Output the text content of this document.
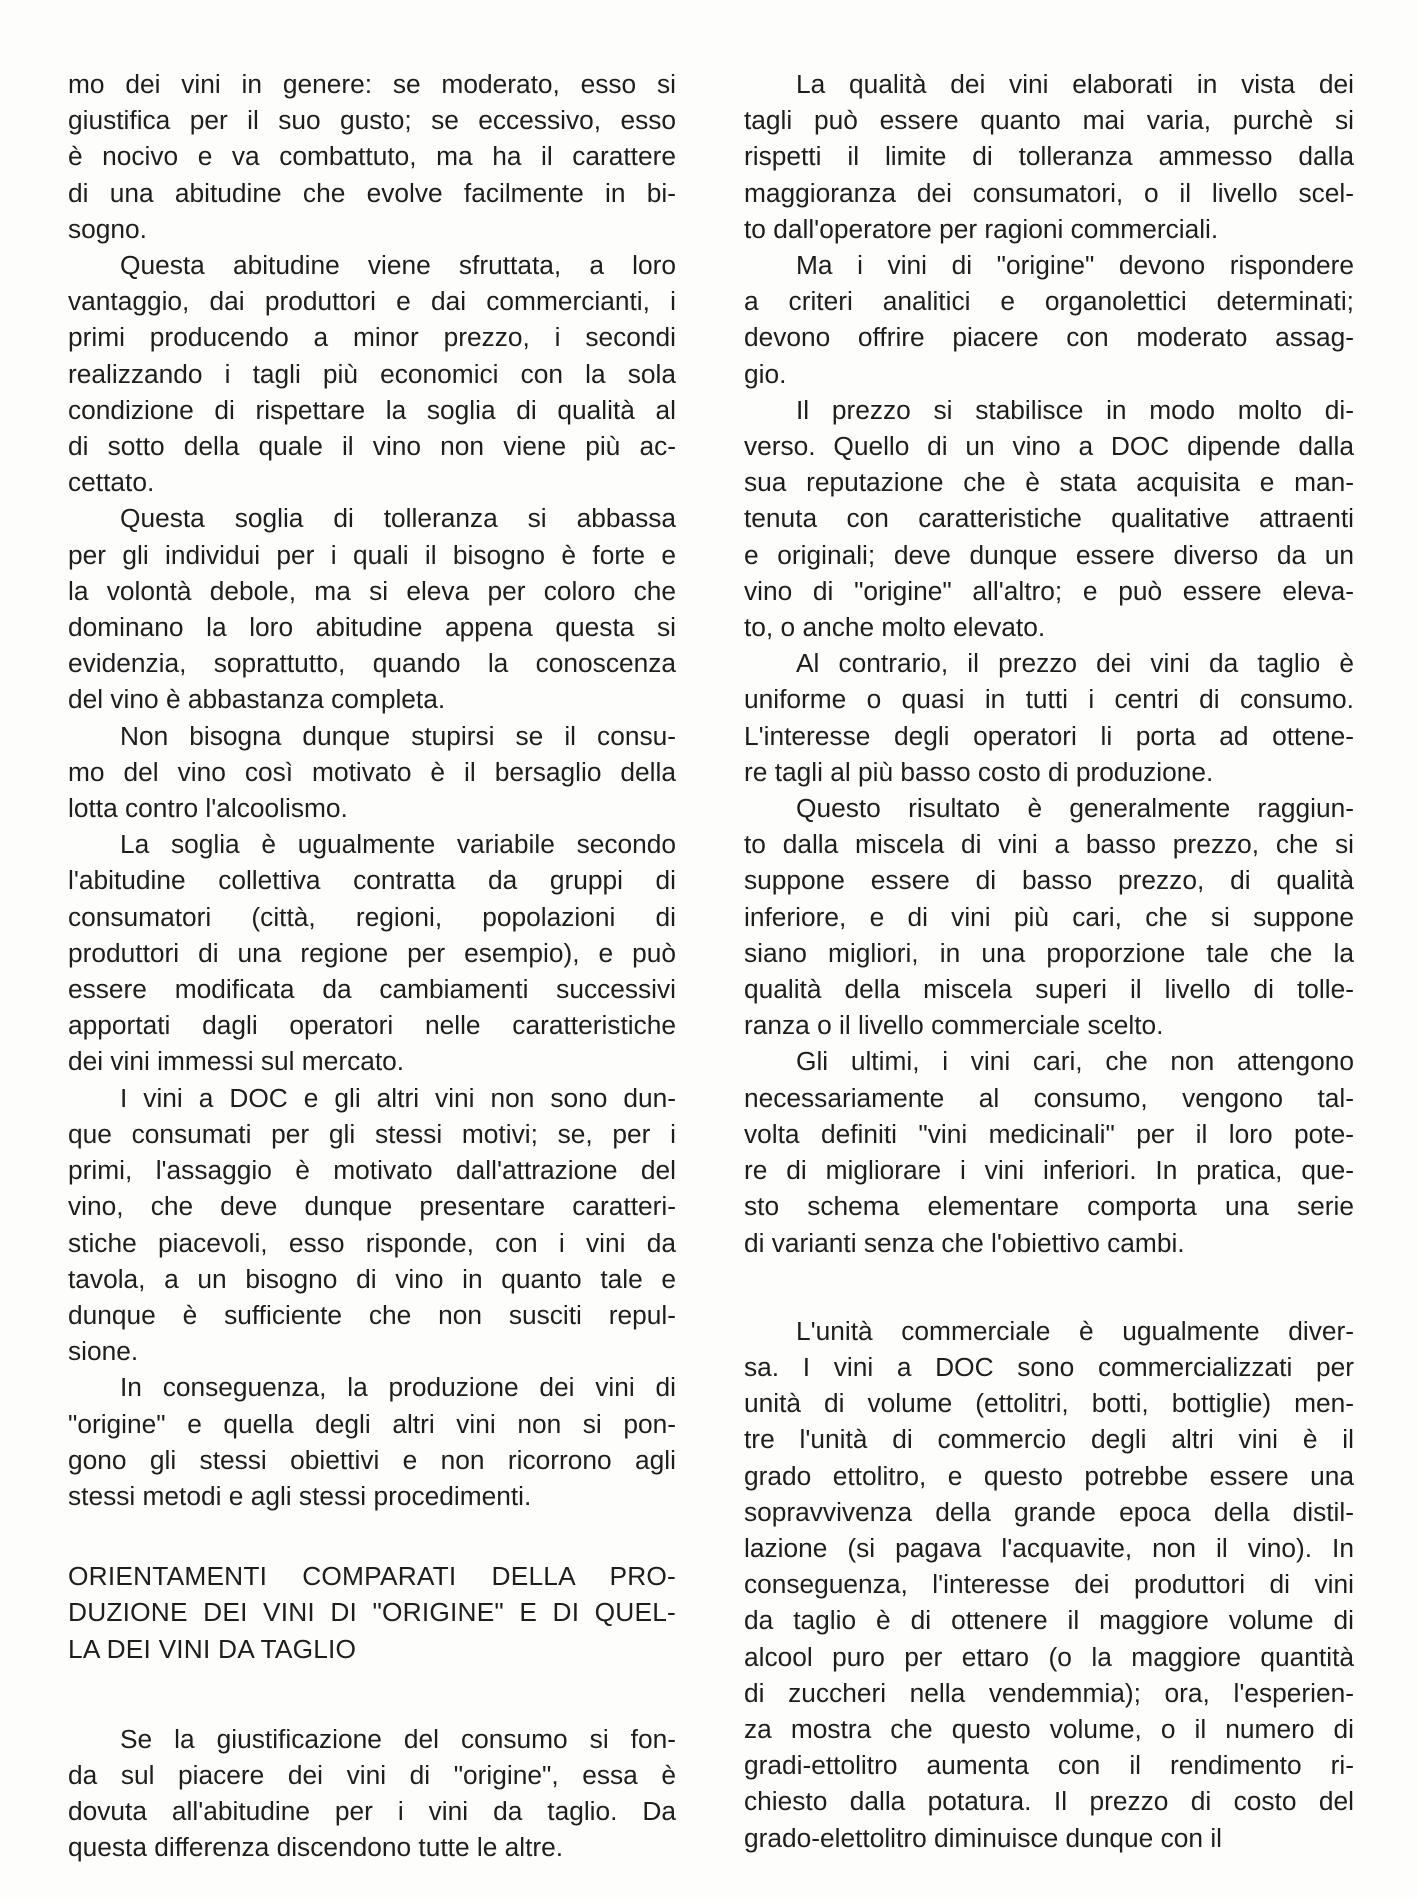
mo dei vini in genere: se moderato, esso si
giustifica per il suo gusto; se eccessivo, esso
è nocivo e va combattuto, ma ha il carattere
di una abitudine che evolve facilmente in bi-
sogno.
Questa abitudine viene sfruttata, a loro
vantaggio, dai produttori e dai commercianti, i
primi producendo a minor prezzo, i secondi
realizzando i tagli più economici con la sola
condizione di rispettare la soglia di qualità al
di sotto della quale il vino non viene più ac-
cettato.
Questa soglia di tolleranza si abbassa
per gli individui per i quali il bisogno è forte e
la volontà debole, ma si eleva per coloro che
dominano la loro abitudine appena questa si
evidenzia, soprattutto, quando la conoscenza
del vino è abbastanza completa.
Non bisogna dunque stupirsi se il consu-
mo del vino così motivato è il bersaglio della
lotta contro l'alcoolismo.
La soglia è ugualmente variabile secondo
l'abitudine collettiva contratta da gruppi di
consumatori (città, regioni, popolazioni di
produttori di una regione per esempio), e può
essere modificata da cambiamenti successivi
apportati dagli operatori nelle caratteristiche
dei vini immessi sul mercato.
I vini a DOC e gli altri vini non sono dun-
que consumati per gli stessi motivi; se, per i
primi, l'assaggio è motivato dall'attrazione del
vino, che deve dunque presentare caratteri-
stiche piacevoli, esso risponde, con i vini da
tavola, a un bisogno di vino in quanto tale e
dunque è sufficiente che non susciti repul-
sione.
In conseguenza, la produzione dei vini di
"origine" e quella degli altri vini non si pon-
gono gli stessi obiettivi e non ricorrono agli
stessi metodi e agli stessi procedimenti.
ORIENTAMENTI COMPARATI DELLA PRO-
DUZIONE DEI VINI DI "ORIGINE" E DI QUEL-
LA DEI VINI DA TAGLIO
Se la giustificazione del consumo si fon-
da sul piacere dei vini di "origine", essa è
dovuta all'abitudine per i vini da taglio. Da
questa differenza discendono tutte le altre.
La qualità dei vini elaborati in vista dei
tagli può essere quanto mai varia, purchè si
rispetti il limite di tolleranza ammesso dalla
maggioranza dei consumatori, o il livello scel-
to dall'operatore per ragioni commerciali.
Ma i vini di "origine" devono rispondere
a criteri analitici e organolettici determinati;
devono offrire piacere con moderato assag-
gio.
Il prezzo si stabilisce in modo molto di-
verso. Quello di un vino a DOC dipende dalla
sua reputazione che è stata acquisita e man-
tenuta con caratteristiche qualitative attraenti
e originali; deve dunque essere diverso da un
vino di "origine" all'altro; e può essere eleva-
to, o anche molto elevato.
Al contrario, il prezzo dei vini da taglio è
uniforme o quasi in tutti i centri di consumo.
L'interesse degli operatori li porta ad ottene-
re tagli al più basso costo di produzione.
Questo risultato è generalmente raggiun-
to dalla miscela di vini a basso prezzo, che si
suppone essere di basso prezzo, di qualità
inferiore, e di vini più cari, che si suppone
siano migliori, in una proporzione tale che la
qualità della miscela superi il livello di tolle-
ranza o il livello commerciale scelto.
Gli ultimi, i vini cari, che non attengono
necessariamente al consumo, vengono tal-
volta definiti "vini medicinali" per il loro pote-
re di migliorare i vini inferiori. In pratica, que-
sto schema elementare comporta una serie
di varianti senza che l'obiettivo cambi.
L'unità commerciale è ugualmente diver-
sa. I vini a DOC sono commercializzati per
unità di volume (ettolitri, botti, bottiglie) men-
tre l'unità di commercio degli altri vini è il
grado ettolitro, e questo potrebbe essere una
sopravvivenza della grande epoca della distil-
lazione (si pagava l'acquavite, non il vino). In
conseguenza, l'interesse dei produttori di vini
da taglio è di ottenere il maggiore volume di
alcool puro per ettaro (o la maggiore quantità
di zuccheri nella vendemmia); ora, l'esperien-
za mostra che questo volume, o il numero di
gradi-ettolitro aumenta con il rendimento ri-
chiesto dalla potatura. Il prezzo di costo del
grado-elettolitro diminuisce dunque con il
